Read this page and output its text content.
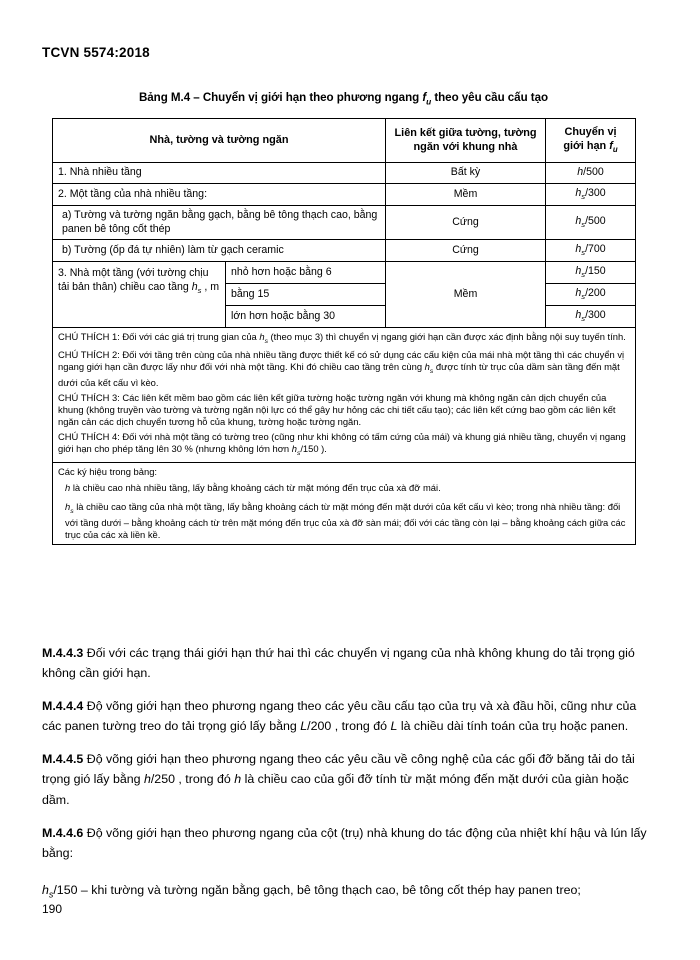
TCVN 5574:2018
Bảng M.4 – Chuyển vị giới hạn theo phương ngang $f_u$ theo yêu cầu cấu tạo
Nhà, tường và tường ngăn		Liên kết giữa tường, tường ngăn với khung nhà	Chuyển vị
giới hạn $f_u$
1. Nhà nhiều tầng		Bất kỳ	h/500
2. Một tầng của nhà nhiều tầng:		Mềm	$h_s/300$
a) Tường và tường ngăn bằng gạch, bằng bê tông thạch cao, bằng panen bê tông cốt thép		Cứng	$h_s/500$
b) Tường (ốp đá tự nhiên) làm từ gạch ceramic		Cứng	$h_s/700$
3. Nhà một tầng (với tường chịu tải bản thân) chiều cao tầng $h_s$ , m	nhỏ hơn hoặc bằng 6	Mềm	$h_s/150$
	bằng 15		$h_s/200$
	lớn hơn hoặc bằng 30		$h_s/300$

CHÚ THÍCH 1: Đối với các giá trị trung gian của $h_s$ (theo mục 3) thì chuyển vị ngang giới hạn cần được xác định bằng nội suy tuyến tính.

CHÚ THÍCH 2: Đối với tầng trên cùng của nhà nhiều tầng được thiết kế có sử dụng các cấu kiện của mái nhà một tầng thì các chuyển vị ngang giới hạn cần được lấy như đối với nhà một tầng. Khi đó chiều cao tầng trên cùng $h_s$ được tính từ trục của dầm sàn tầng đến mặt dưới của kết cấu vì kèo.

CHÚ THÍCH 3: Các liên kết mềm bao gồm các liên kết giữa tường hoặc tường ngăn với khung mà không ngăn cản dịch chuyển của khung (không truyền vào tường và tường ngăn nội lực có thể gây hư hỏng các chi tiết cấu tạo); các liên kết cứng bao gồm các liên kết ngăn cản các dịch chuyển tương hỗ của khung, tường hoặc tường ngăn.

CHÚ THÍCH 4: Đối với nhà một tầng có tường treo (cũng như khi không có tấm cứng của mái) và khung giá nhiều tầng, chuyển vị ngang giới hạn cho phép tăng lên 30 % (nhưng không lớn hơn $h_s/150$ ).			

Các ký hiệu trong bảng:

h là chiều cao nhà nhiều tầng, lấy bằng khoảng cách từ mặt móng đến trục của xà đỡ mái.

$h_s$ là chiều cao tầng của nhà một tầng, lấy bằng khoảng cách từ mặt móng đến mặt dưới của kết cấu vì kèo; trong nhà nhiều tầng: đối với tầng dưới – bằng khoảng cách từ trên mặt móng đến trục của xà đỡ sàn mái; đối với các tầng còn lại – bằng khoảng cách giữa các trục của các xà liền kề.			

M.4.4.3 Đối với các trạng thái giới hạn thứ hai thì các chuyển vị ngang của nhà không khung do tải trọng gió không cần giới hạn.

M.4.4.4 Độ võng giới hạn theo phương ngang theo các yêu cầu cấu tạo của trụ và xà đầu hồi, cũng như của các panen tường treo do tải trọng gió lấy bằng L/200 , trong đó L là chiều dài tính toán của trụ hoặc panen.

M.4.4.5 Độ võng giới hạn theo phương ngang theo các yêu cầu về công nghệ của các gối đỡ băng tải do tải trọng gió lấy bằng h/250 , trong đó h là chiều cao của gối đỡ tính từ mặt móng đến mặt dưới của giàn hoặc dầm.

M.4.4.6 Độ võng giới hạn theo phương ngang của cột (trụ) nhà khung do tác động của nhiệt khí hậu và lún lấy bằng:

$h_s/150$ – khi tường và tường ngăn bằng gạch, bê tông thạch cao, bê tông cốt thép hay panen treo;

190
